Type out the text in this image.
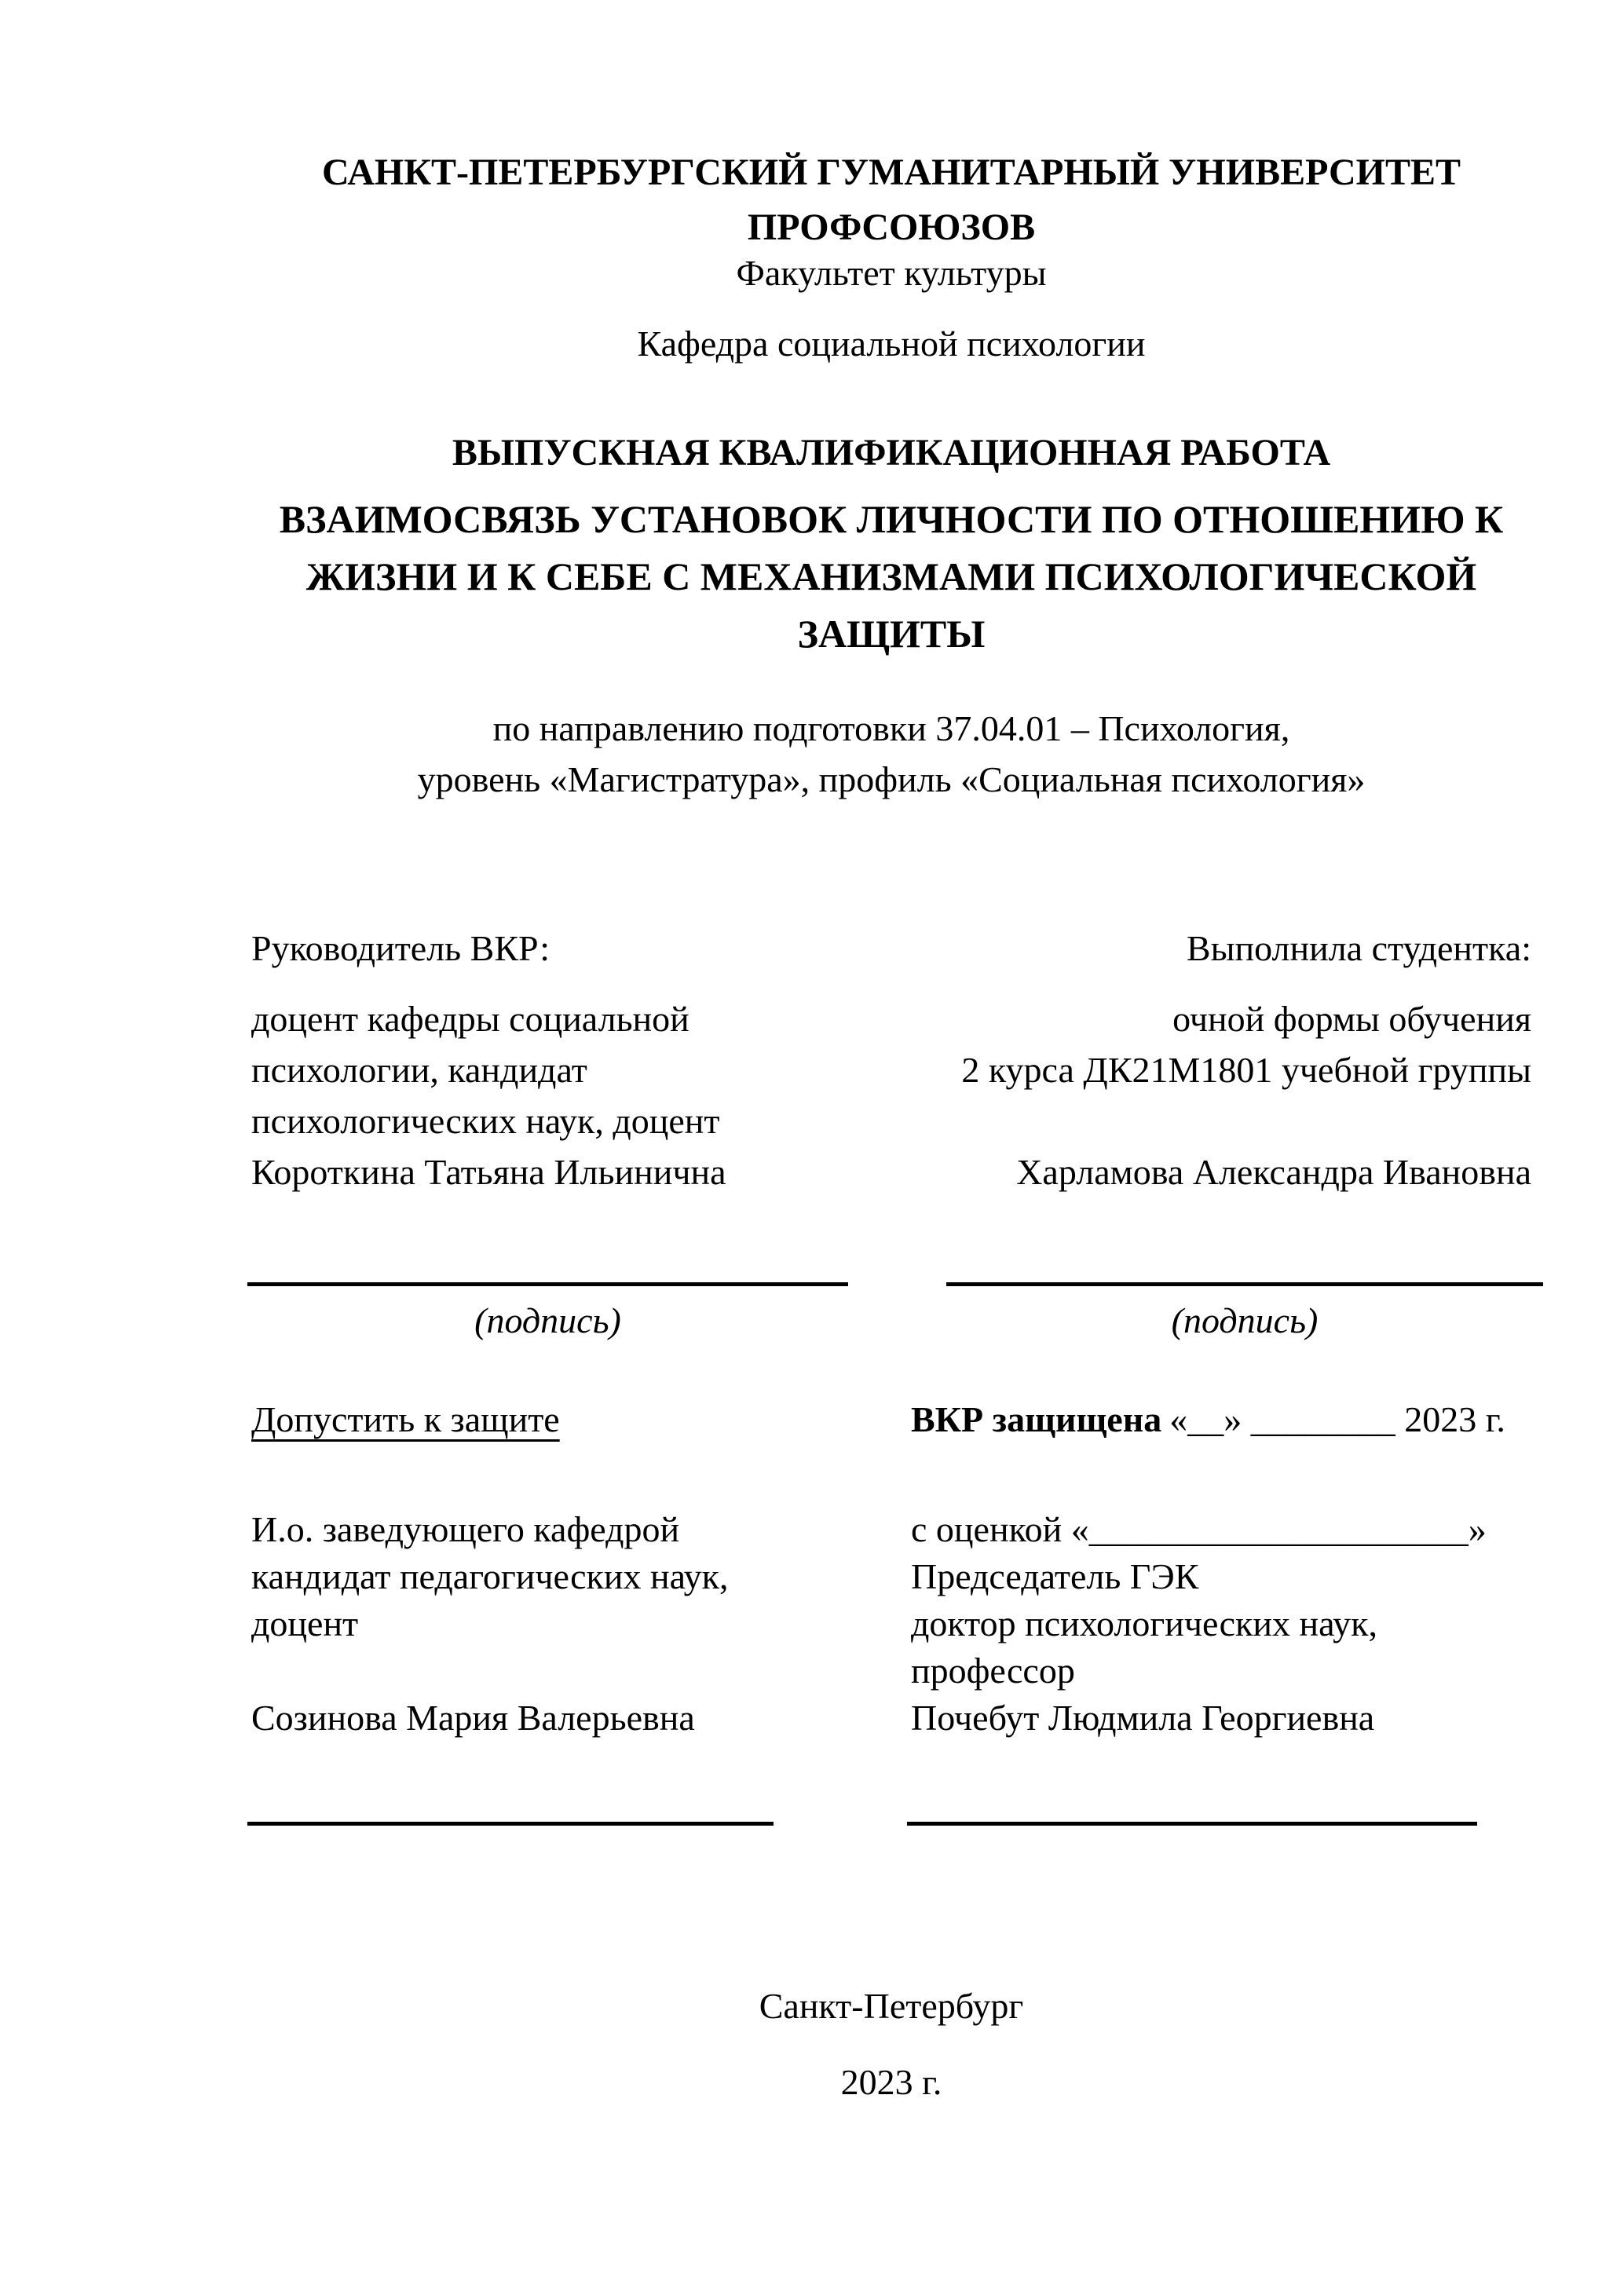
САНКТ-ПЕТЕРБУРГСКИЙ ГУМАНИТАРНЫЙ УНИВЕРСИТЕТ
ПРОФСОЮЗОВ
Факультет культуры
Кафедра социальной психологии
ВЫПУСКНАЯ КВАЛИФИКАЦИОННАЯ РАБОТА
ВЗАИМОСВЯЗЬ УСТАНОВОК ЛИЧНОСТИ ПО ОТНОШЕНИЮ К
ЖИЗНИ И К СЕБЕ С МЕХАНИЗМАМИ ПСИХОЛОГИЧЕСКОЙ
ЗАЩИТЫ
по направлению подготовки 37.04.01 – Психология,
уровень «Магистратура», профиль «Социальная психология»
Руководитель ВКР:
доцент кафедры социальной
психологии, кандидат
психологических наук, доцент
Короткина Татьяна Ильинична
Выполнила студентка:
очной формы обучения
2 курса ДК21М1801 учебной группы
Харламова Александра Ивановна
(подпись)	(подпись)
Допустить к защите	ВКР защищена «__» ________ 2023 г.
И.о. заведующего кафедрой
кандидат педагогических наук,
доцент
Созинова Мария Валерьевна
с оценкой «_____________________»
Председатель ГЭК
доктор психологических наук,
профессор
Почебут Людмила Георгиевна
Санкт-Петербург
2023 г.
